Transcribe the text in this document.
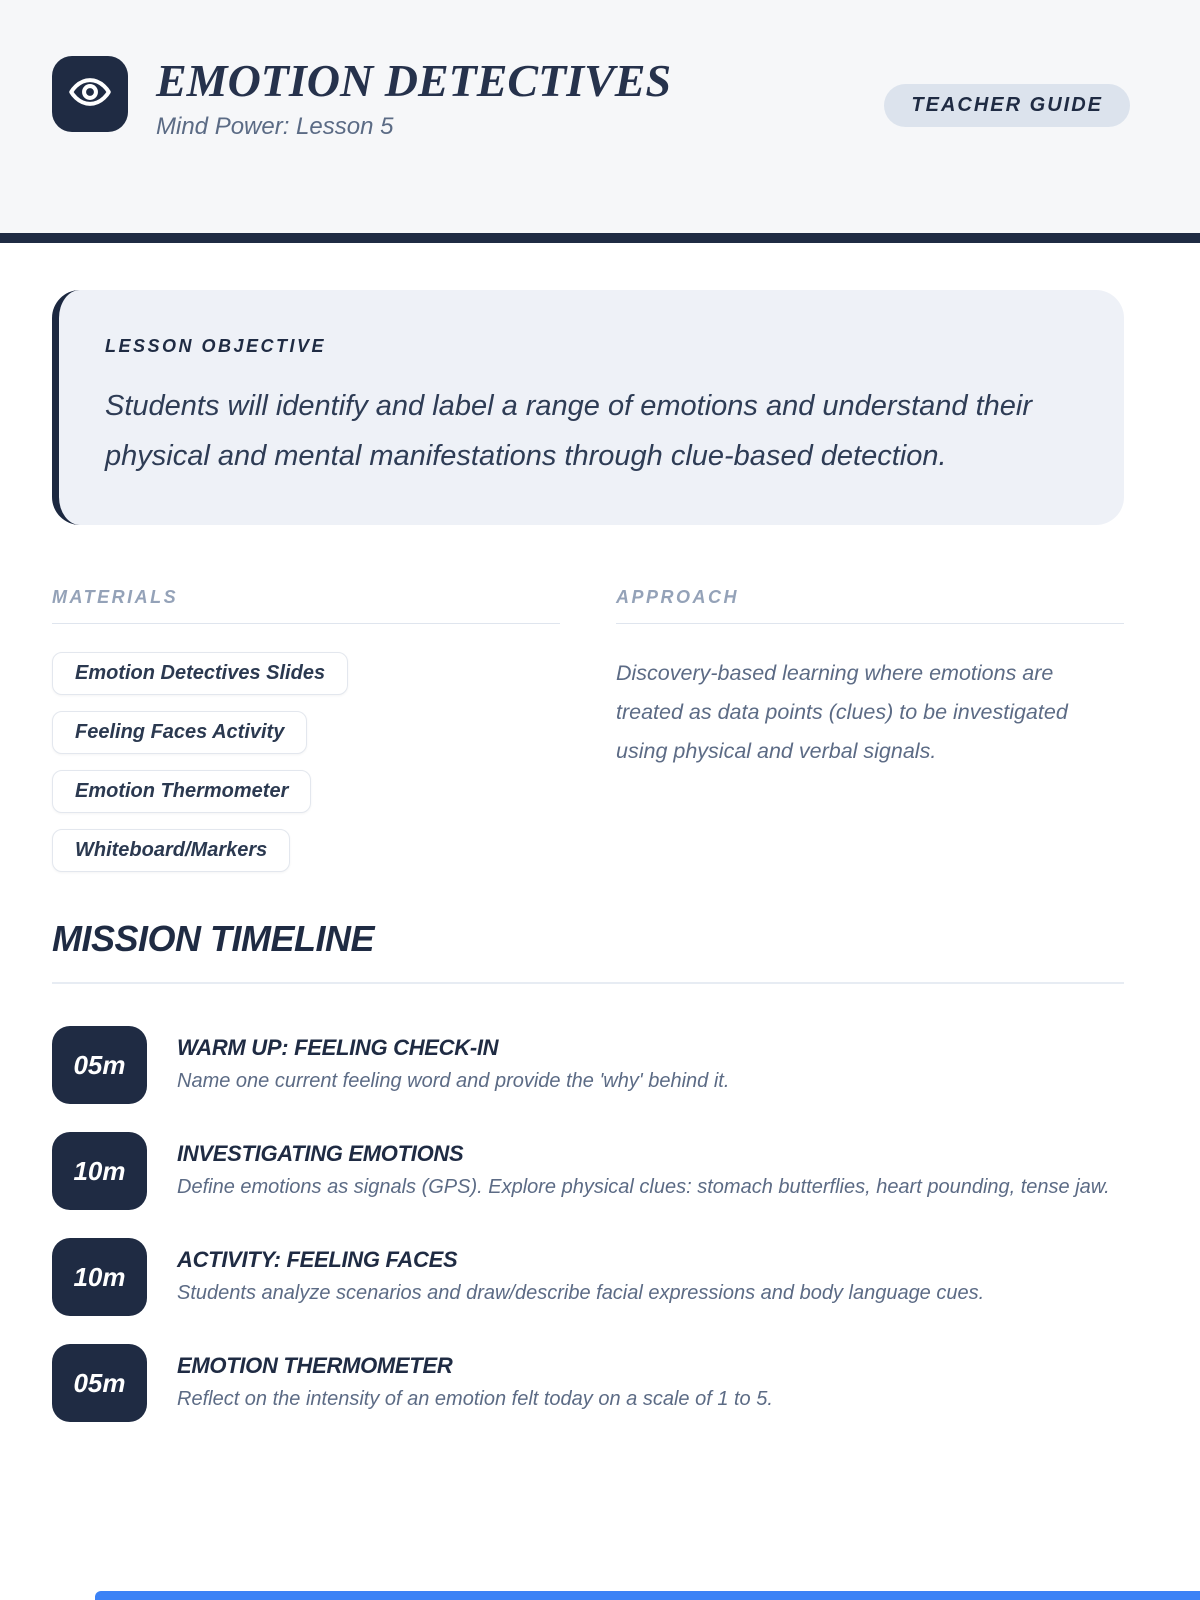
EMOTION DETECTIVES
Mind Power: Lesson 5
TEACHER GUIDE
LESSON OBJECTIVE
Students will identify and label a range of emotions and understand their physical and mental manifestations through clue-based detection.
MATERIALS
Emotion Detectives Slides
Feeling Faces Activity
Emotion Thermometer
Whiteboard/Markers
APPROACH
Discovery-based learning where emotions are treated as data points (clues) to be investigated using physical and verbal signals.
MISSION TIMELINE
05m
WARM UP: FEELING CHECK-IN
Name one current feeling word and provide the 'why' behind it.
10m
INVESTIGATING EMOTIONS
Define emotions as signals (GPS). Explore physical clues: stomach butterflies, heart pounding, tense jaw.
10m
ACTIVITY: FEELING FACES
Students analyze scenarios and draw/describe facial expressions and body language cues.
05m
EMOTION THERMOMETER
Reflect on the intensity of an emotion felt today on a scale of 1 to 5.
